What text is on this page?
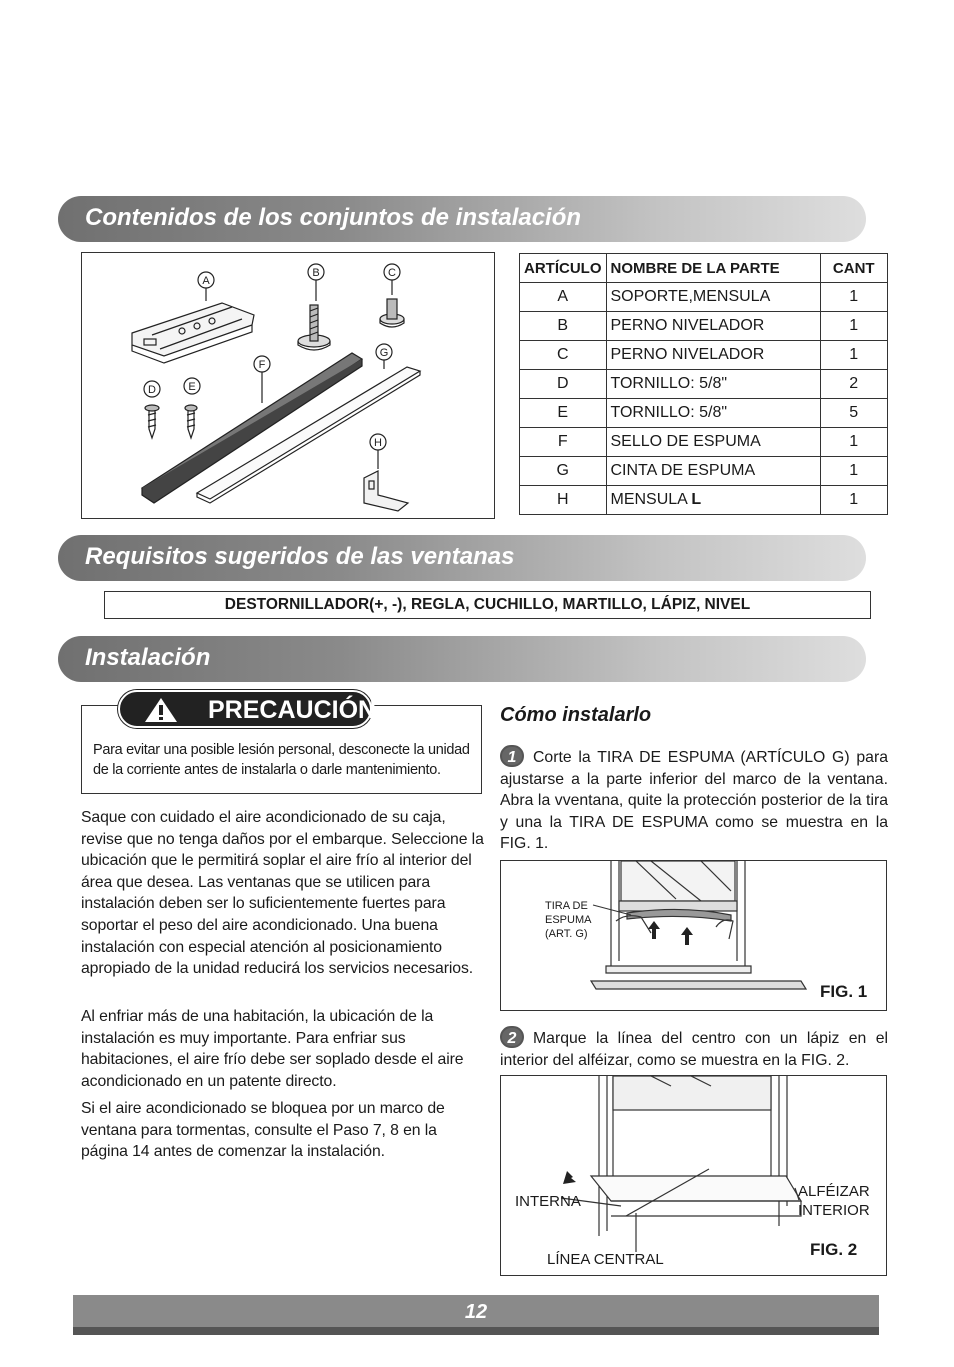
Contenidos de los conjuntos de instalación
A
B	C
D	E
F
G
H
ARTÍCULO	NOMBRE DE LA PARTE	CANT
A	SOPORTE,MENSULA	1
B	PERNO NIVELADOR	1
C	PERNO NIVELADOR	1
D	TORNILLO: 5/8"	2
E	TORNILLO: 5/8"	5
F	SELLO DE ESPUMA	1
G	CINTA DE ESPUMA	1
H	MENSULA L	1
Requisitos sugeridos de las ventanas
DESTORNILLADOR(+, -), REGLA, CUCHILLO, MARTILLO, LÁPIZ, NIVEL
Instalación
Para evitar una posible lesión personal, desconecte la unidad de la corriente antes de instalarla o darle mantenimiento.
PRECAUCIÓN
Saque con cuidado el aire acondicionado de su caja, revise que no tenga daños por el embarque. Seleccione la ubicación que le permitirá soplar el aire frío al interior del área que desea. Las ventanas que se utilicen para instalación deben ser lo suficientemente fuertes para soportar el peso del aire acondicionado. Una buena instalación con especial atención al posicionamiento apropiado de la unidad reducirá los servicios necesarios.
Al enfriar más de una habitación, la ubicación de la instalación es muy importante. Para enfriar sus habitaciones, el aire frío debe ser soplado desde el aire acondicionado en un patente directo.
Si el aire acondicionado se bloquea por un marco de ventana para tormentas, consulte el Paso 7, 8 en la página 14 antes de comenzar la instalación.
Cómo instalarlo
1 Corte la TIRA DE ESPUMA (ARTÍCULO G) para ajustarse a la parte inferior del marco de la ventana. Abra la vventana, quite la protección posterior de la tira y una la TIRA DE ESPUMA como se muestra en la FIG. 1.
TIRA DE
ESPUMA
(ART. G)
FIG. 1
2 Marque la línea del centro con un lápiz en el interior del alféizar, como se muestra en la FIG. 2.
INTERNA
ALFÉIZAR
INTERIOR
LÍNEA CENTRAL
FIG. 2
12
